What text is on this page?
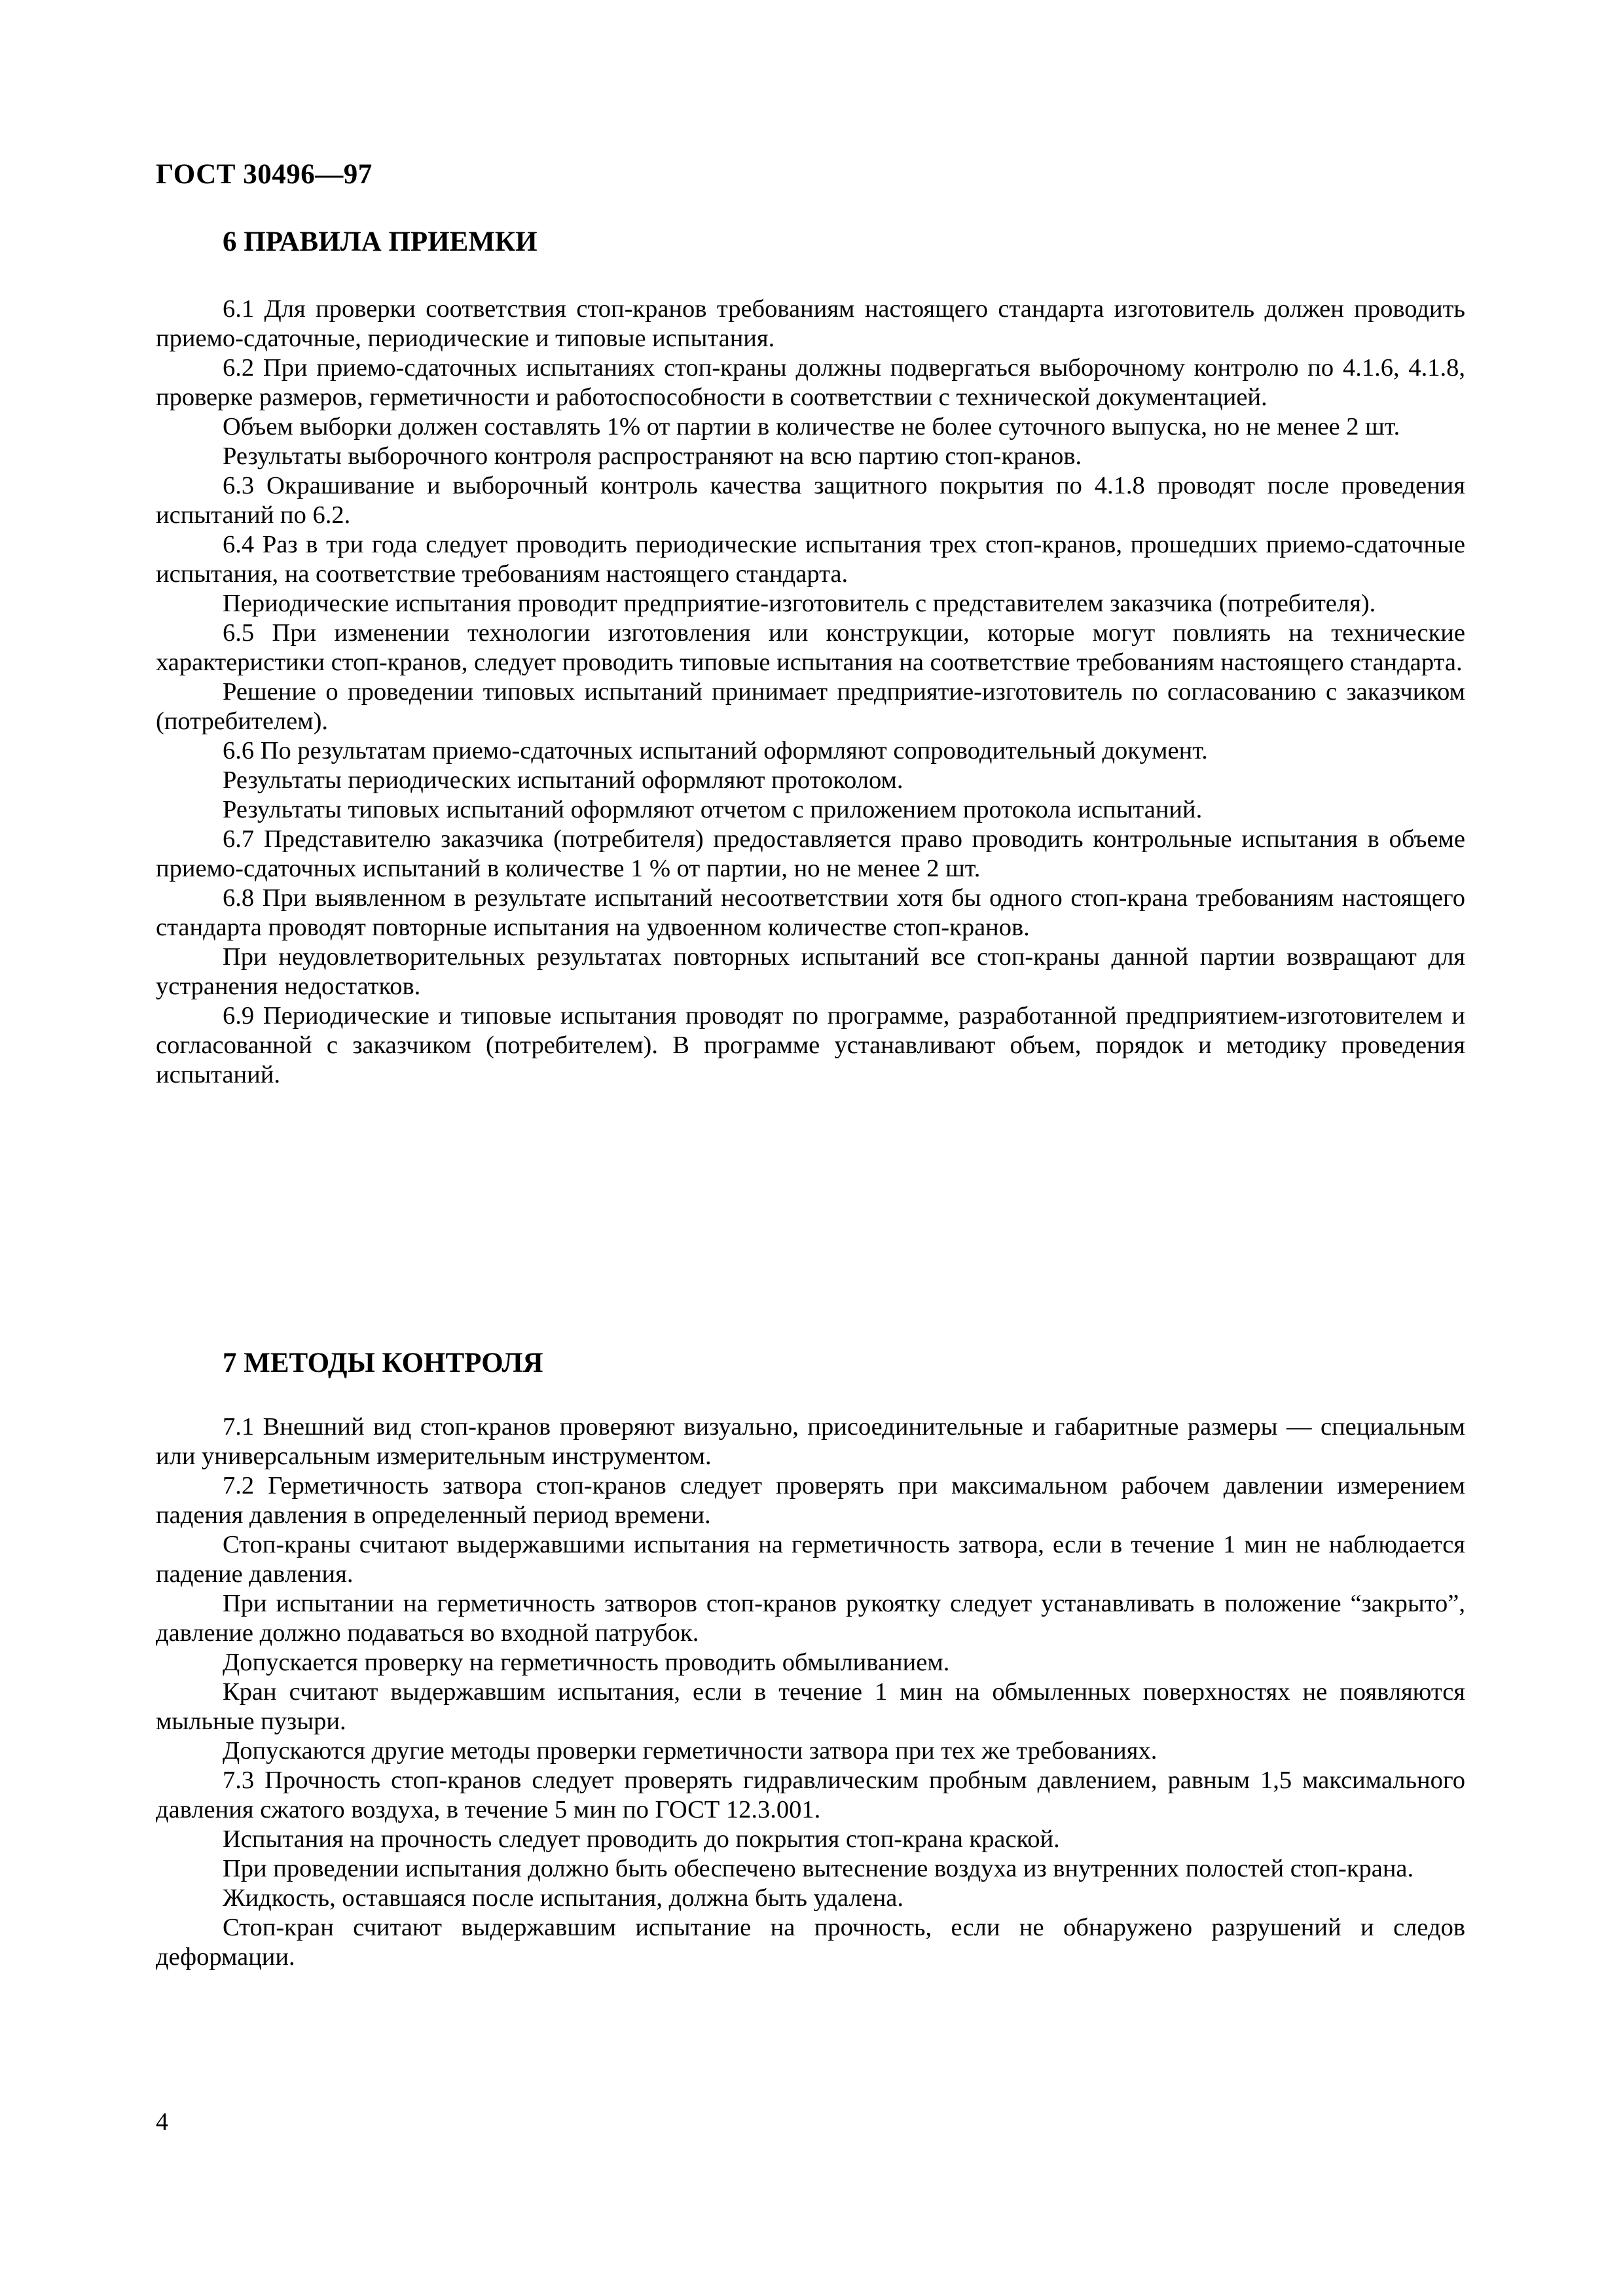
ГОСТ 30496—97
6 ПРАВИЛА ПРИЕМКИ

6.1 Для проверки соответствия стоп-кранов требованиям настоящего стандарта изготовитель должен проводить приемо-сдаточные, периодические и типовые испытания.

6.2 При приемо-сдаточных испытаниях стоп-краны должны подвергаться выборочному контролю по 4.1.6, 4.1.8, проверке размеров, герметичности и работоспособности в соответствии с технической документацией.

Объем выборки должен составлять 1% от партии в количестве не более суточного выпуска, но не менее 2 шт.

Результаты выборочного контроля распространяют на всю партию стоп-кранов.

6.3 Окрашивание и выборочный контроль качества защитного покрытия по 4.1.8 проводят после проведения испытаний по 6.2.

6.4 Раз в три года следует проводить периодические испытания трех стоп-кранов, прошедших приемо-сдаточные испытания, на соответствие требованиям настоящего стандарта.

Периодические испытания проводит предприятие-изготовитель с представителем заказчика (потребителя).

6.5 При изменении технологии изготовления или конструкции, которые могут повлиять на технические характеристики стоп-кранов, следует проводить типовые испытания на соответствие требованиям настоящего стандарта.

Решение о проведении типовых испытаний принимает предприятие-изготовитель по согласованию с заказчиком (потребителем).

6.6 По результатам приемо-сдаточных испытаний оформляют сопроводительный документ.

Результаты периодических испытаний оформляют протоколом.

Результаты типовых испытаний оформляют отчетом с приложением протокола испытаний.

6.7 Представителю заказчика (потребителя) предоставляется право проводить контрольные испытания в объеме приемо-сдаточных испытаний в количестве 1 % от партии, но не менее 2 шт.

6.8 При выявленном в результате испытаний несоответствии хотя бы одного стоп-крана требованиям настоящего стандарта проводят повторные испытания на удвоенном количестве стоп-кранов.

При неудовлетворительных результатах повторных испытаний все стоп-краны данной партии возвращают для устранения недостатков.

6.9 Периодические и типовые испытания проводят по программе, разработанной предприятием-изготовителем и согласованной с заказчиком (потребителем). В программе устанавливают объем, порядок и методику проведения испытаний.

7 МЕТОДЫ КОНТРОЛЯ

7.1 Внешний вид стоп-кранов проверяют визуально, присоединительные и габаритные размеры — специальным или универсальным измерительным инструментом.

7.2 Герметичность затвора стоп-кранов следует проверять при максимальном рабочем давлении измерением падения давления в определенный период времени.

Стоп-краны считают выдержавшими испытания на герметичность затвора, если в течение 1 мин не наблюдается падение давления.

При испытании на герметичность затворов стоп-кранов рукоятку следует устанавливать в положение “закрыто”, давление должно подаваться во входной патрубок.

Допускается проверку на герметичность проводить обмыливанием.

Кран считают выдержавшим испытания, если в течение 1 мин на обмыленных поверхностях не появляются мыльные пузыри.

Допускаются другие методы проверки герметичности затвора при тех же требованиях.

7.3 Прочность стоп-кранов следует проверять гидравлическим пробным давлением, равным 1,5 максимального давления сжатого воздуха, в течение 5 мин по ГОСТ 12.3.001.

Испытания на прочность следует проводить до покрытия стоп-крана краской.

При проведении испытания должно быть обеспечено вытеснение воздуха из внутренних полостей стоп-крана.

Жидкость, оставшаяся после испытания, должна быть удалена.

Стоп-кран считают выдержавшим испытание на прочность, если не обнаружено разрушений и следов деформации.

4
